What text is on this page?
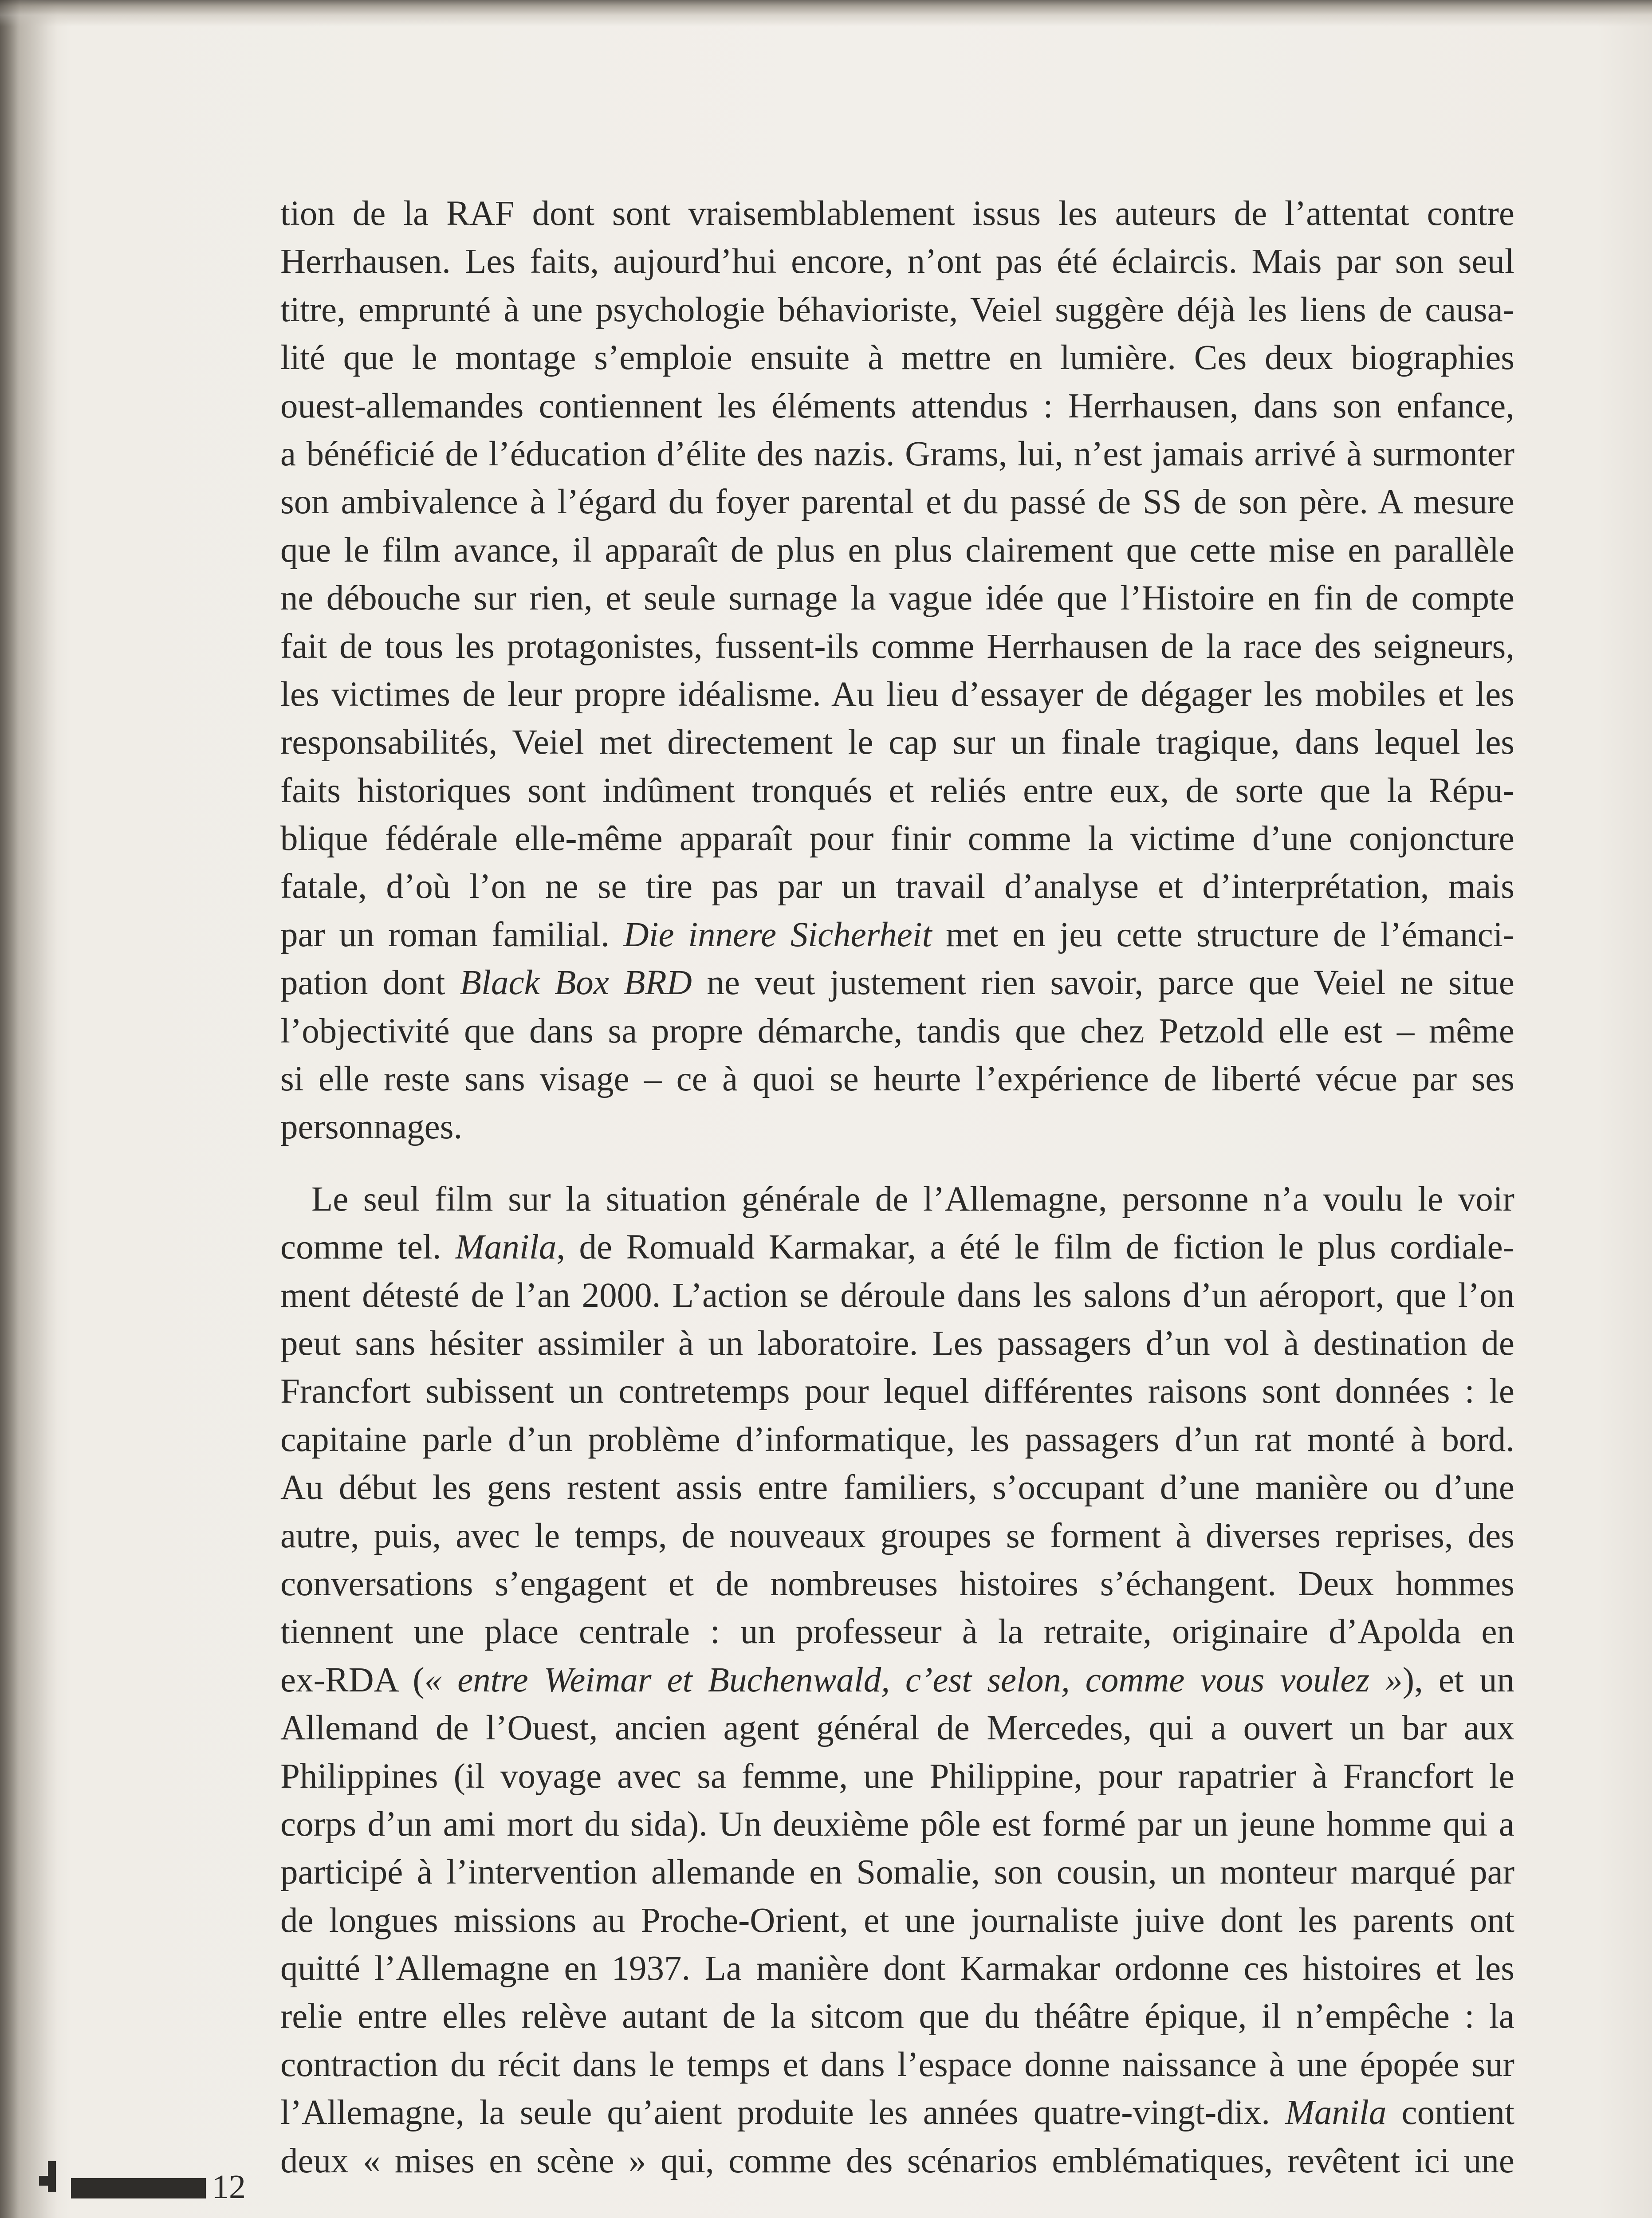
tion de la RAF dont sont vraisemblablement issus les auteurs de l’attentat contre
Herrhausen. Les faits, aujourd’hui encore, n’ont pas été éclaircis. Mais par son seul
titre, emprunté à une psychologie béhavioriste, Veiel suggère déjà les liens de causa-
lité que le montage s’emploie ensuite à mettre en lumière. Ces deux biographies
ouest-allemandes contiennent les éléments attendus : Herrhausen, dans son enfance,
a bénéficié de l’éducation d’élite des nazis. Grams, lui, n’est jamais arrivé à surmonter
son ambivalence à l’égard du foyer parental et du passé de SS de son père. A mesure
que le film avance, il apparaît de plus en plus clairement que cette mise en parallèle
ne débouche sur rien, et seule surnage la vague idée que l’Histoire en fin de compte
fait de tous les protagonistes, fussent-ils comme Herrhausen de la race des seigneurs,
les victimes de leur propre idéalisme. Au lieu d’essayer de dégager les mobiles et les
responsabilités, Veiel met directement le cap sur un finale tragique, dans lequel les
faits historiques sont indûment tronqués et reliés entre eux, de sorte que la Répu-
blique fédérale elle-même apparaît pour finir comme la victime d’une conjoncture
fatale, d’où l’on ne se tire pas par un travail d’analyse et d’interprétation, mais
par un roman familial. Die innere Sicherheit met en jeu cette structure de l’émanci-
pation dont Black Box BRD ne veut justement rien savoir, parce que Veiel ne situe
l’objectivité que dans sa propre démarche, tandis que chez Petzold elle est – même
si elle reste sans visage – ce à quoi se heurte l’expérience de liberté vécue par ses
personnages.
Le seul film sur la situation générale de l’Allemagne, personne n’a voulu le voir
comme tel. Manila, de Romuald Karmakar, a été le film de fiction le plus cordiale-
ment détesté de l’an 2000. L’action se déroule dans les salons d’un aéroport, que l’on
peut sans hésiter assimiler à un laboratoire. Les passagers d’un vol à destination de
Francfort subissent un contretemps pour lequel différentes raisons sont données : le
capitaine parle d’un problème d’informatique, les passagers d’un rat monté à bord.
Au début les gens restent assis entre familiers, s’occupant d’une manière ou d’une
autre, puis, avec le temps, de nouveaux groupes se forment à diverses reprises, des
conversations s’engagent et de nombreuses histoires s’échangent. Deux hommes
tiennent une place centrale : un professeur à la retraite, originaire d’Apolda en
ex-RDA (« entre Weimar et Buchenwald, c’est selon, comme vous voulez »), et un
Allemand de l’Ouest, ancien agent général de Mercedes, qui a ouvert un bar aux
Philippines (il voyage avec sa femme, une Philippine, pour rapatrier à Francfort le
corps d’un ami mort du sida). Un deuxième pôle est formé par un jeune homme qui a
participé à l’intervention allemande en Somalie, son cousin, un monteur marqué par
de longues missions au Proche-Orient, et une journaliste juive dont les parents ont
quitté l’Allemagne en 1937. La manière dont Karmakar ordonne ces histoires et les
relie entre elles relève autant de la sitcom que du théâtre épique, il n’empêche : la
contraction du récit dans le temps et dans l’espace donne naissance à une épopée sur
l’Allemagne, la seule qu’aient produite les années quatre-vingt-dix. Manila contient
deux « mises en scène » qui, comme des scénarios emblématiques, revêtent ici une
12
